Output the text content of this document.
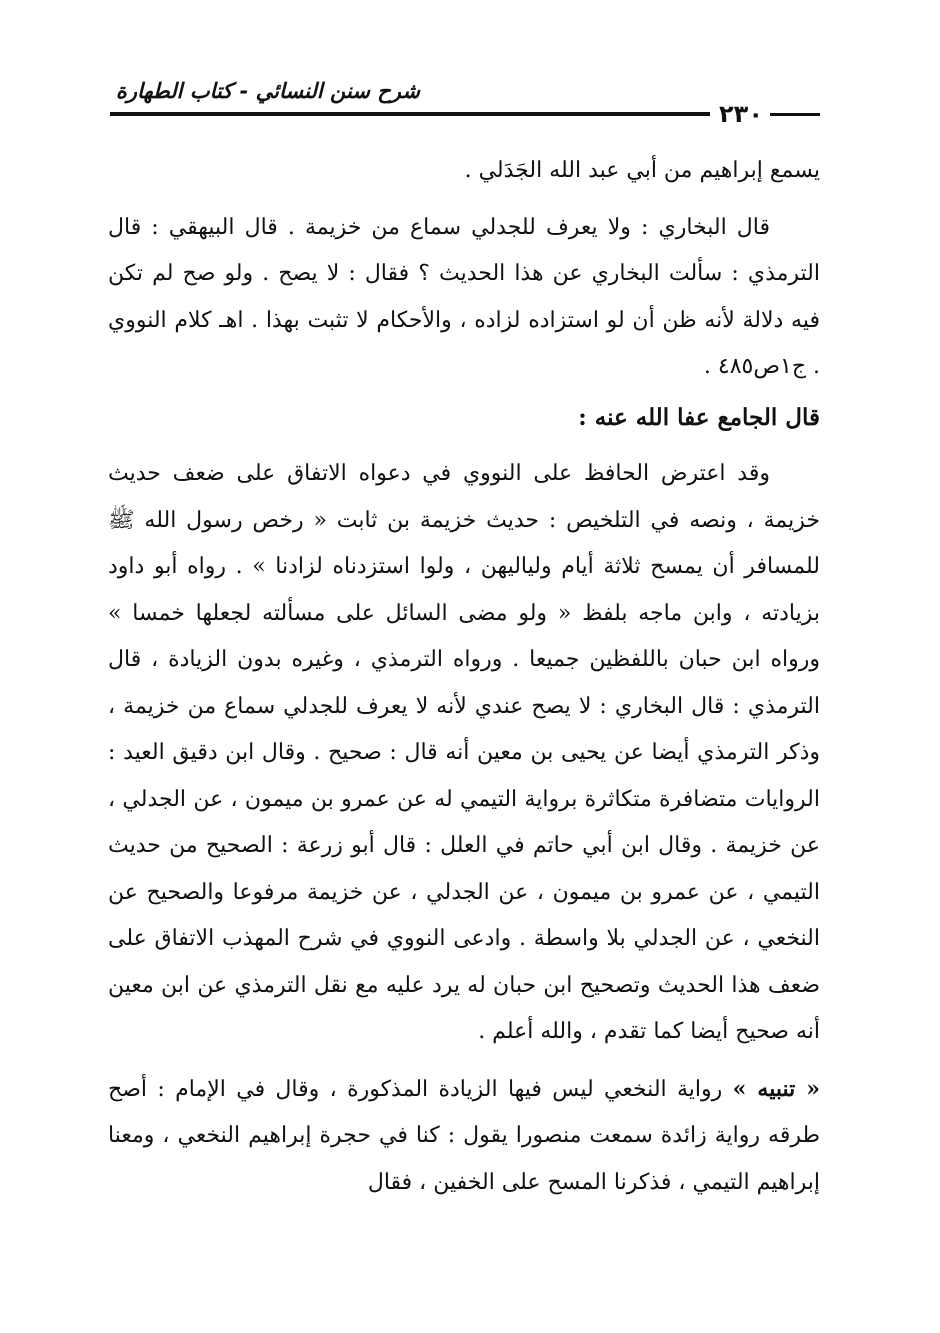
شرح سنن النسائي - كتاب الطهارة
٢٣٠

يسمع إبراهيم من أبي عبد الله الجَدَلي .

قال البخاري : ولا يعرف للجدلي سماع من خزيمة . قال البيهقي : قال الترمذي : سألت البخاري عن هذا الحديث ؟ فقال : لا يصح . ولو صح لم تكن فيه دلالة لأنه ظن أن لو استزاده لزاده ، والأحكام لا تثبت بهذا . اهـ كلام النووي . ج١ص٤٨٥ .

قال الجامع عفا الله عنه :

وقد اعترض الحافظ على النووي في دعواه الاتفاق على ضعف حديث خزيمة ، ونصه في التلخيص : حديث خزيمة بن ثابت « رخص رسول الله ﷺ للمسافر أن يمسح ثلاثة أيام ولياليهن ، ولوا استزدناه لزادنا » . رواه أبو داود بزيادته ، وابن ماجه بلفظ « ولو مضى السائل على مسألته لجعلها خمسا » ورواه ابن حبان باللفظين جميعا . ورواه الترمذي ، وغيره بدون الزيادة ، قال الترمذي : قال البخاري : لا يصح عندي لأنه لا يعرف للجدلي سماع من خزيمة ، وذكر الترمذي أيضا عن يحيى بن معين أنه قال : صحيح . وقال ابن دقيق العيد : الروايات متضافرة متكاثرة برواية التيمي له عن عمرو بن ميمون ، عن الجدلي ، عن خزيمة . وقال ابن أبي حاتم في العلل : قال أبو زرعة : الصحيح من حديث التيمي ، عن عمرو بن ميمون ، عن الجدلي ، عن خزيمة مرفوعا والصحيح عن النخعي ، عن الجدلي بلا واسطة . وادعى النووي في شرح المهذب الاتفاق على ضعف هذا الحديث وتصحيح ابن حبان له يرد عليه مع نقل الترمذي عن ابن معين أنه صحيح أيضا كما تقدم ، والله أعلم .

« تنبيه » رواية النخعي ليس فيها الزيادة المذكورة ، وقال في الإمام : أصح طرقه رواية زائدة سمعت منصورا يقول : كنا في حجرة إبراهيم النخعي ، ومعنا إبراهيم التيمي ، فذكرنا المسح على الخفين ، فقال
